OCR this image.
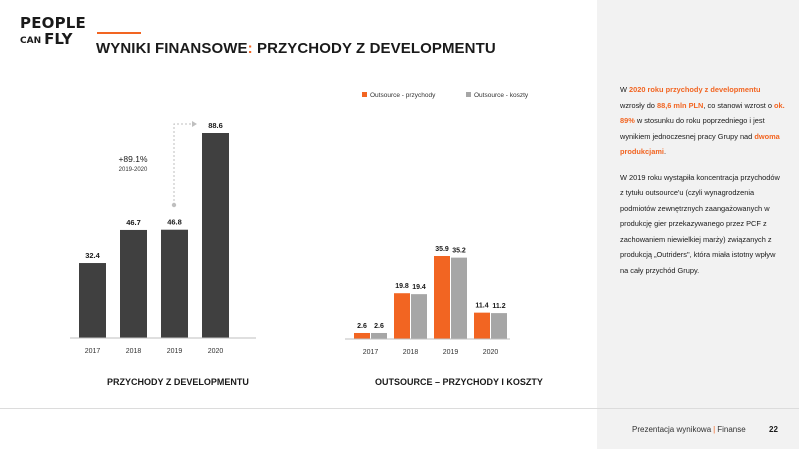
PEOPLE
CAN FLY
WYNIKI FINANSOWE: PRZYCHODY Z DEVELOPMENTU
32.4
46.7	46.8
88.6
2017	2018	2019	2020
+89.1%
2019-2020
Outsource - przychody	Outsource - koszty
2.6 2.6
19.8 19.4
35.9 35.2
11.4 11.2
2017	2018	2019	2020
PRZYCHODY Z DEVELOPMENTU	OUTSOURCE – PRZYCHODY I KOSZTY

W 2020 roku przychody z developmentu wzrosły do 88,6 mln PLN, co stanowi wzrost o ok. 89% w stosunku do roku poprzedniego i jest wynikiem jednoczesnej pracy Grupy nad dwoma produkcjami.

W 2019 roku wystąpiła koncentracja przychodów z tytułu outsource'u (czyli wynagrodzenia podmiotów zewnętrznych zaangażowanych w produkcję gier przekazywanego przez PCF z zachowaniem niewielkiej marży) związanych z produkcją „Outriders", która miała istotny wpływ na cały przychód Grupy.

Prezentacja wynikowa | Finanse	22
